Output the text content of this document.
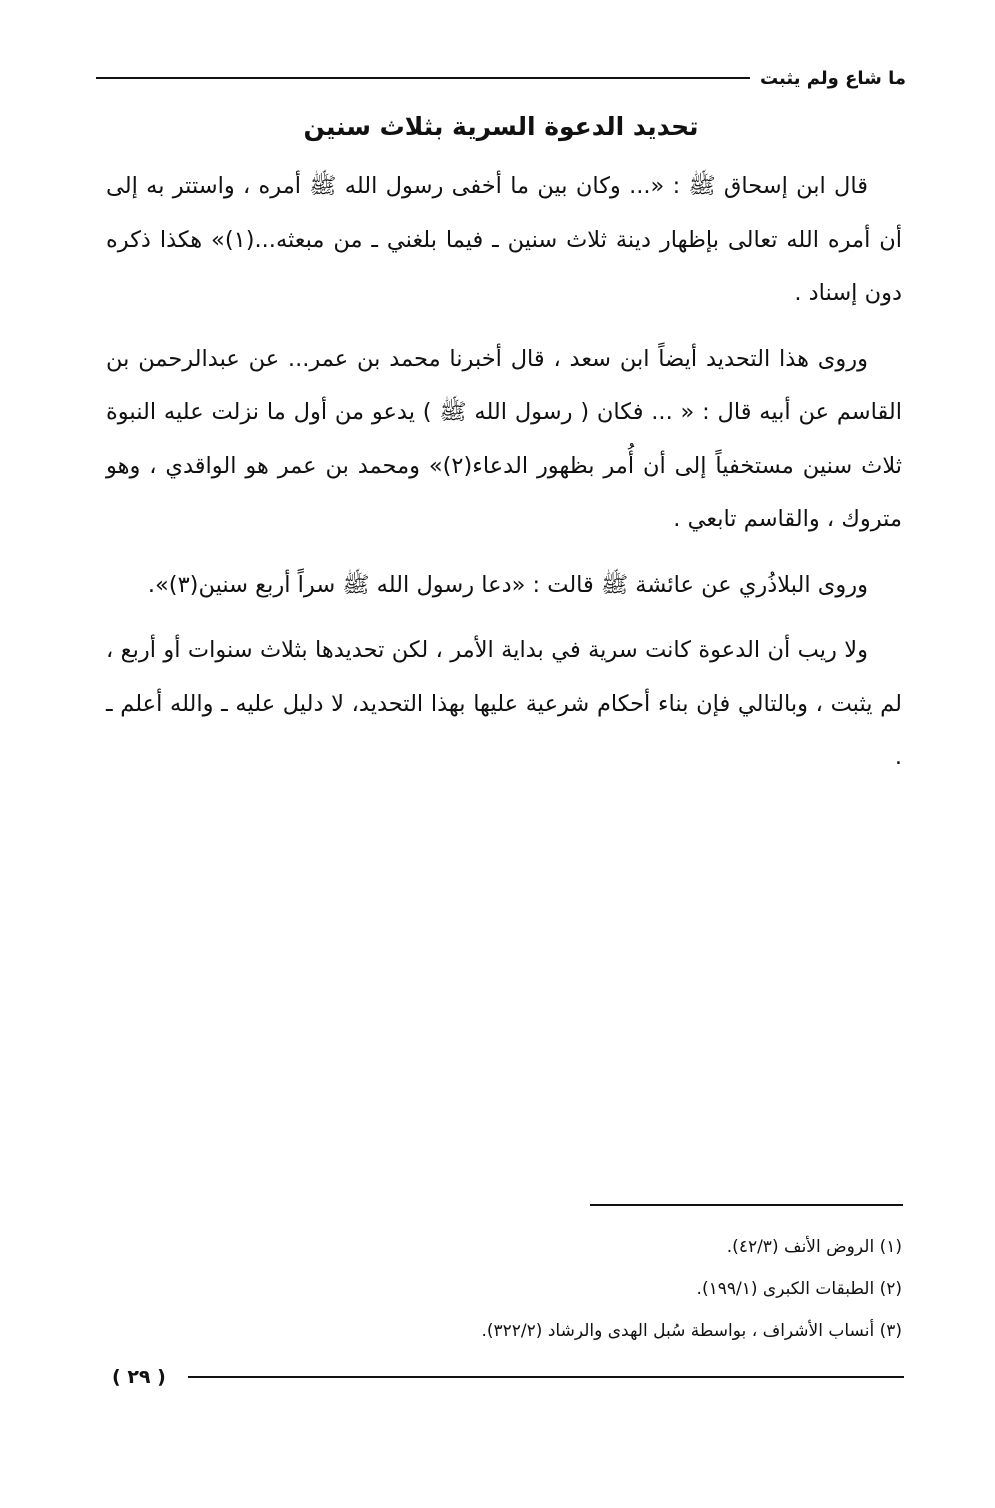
ما شاع ولم يثبت
تحديد الدعوة السرية بثلاث سنين

قال ابن إسحاق ﷺ : «... وكان بين ما أخفى رسول الله ﷺ أمره ، واستتر به إلى أن أمره الله تعالى بإظهار دينة ثلاث سنين ـ فيما بلغني ـ من مبعثه...(١)» هكذا ذكره دون إسناد .

وروى هذا التحديد أيضاً ابن سعد ، قال أخبرنا محمد بن عمر... عن عبدالرحمن بن القاسم عن أبيه قال : « ... فكان ( رسول الله ﷺ ) يدعو من أول ما نزلت عليه النبوة ثلاث سنين مستخفياً إلى أن أُمر بظهور الدعاء(٢)» ومحمد بن عمر هو الواقدي ، وهو متروك ، والقاسم تابعي .

وروى البلاذُري عن عائشة ﷺ قالت : «دعا رسول الله ﷺ سراً أربع سنين(٣)».

ولا ريب أن الدعوة كانت سرية في بداية الأمر ، لكن تحديدها بثلاث سنوات أو أربع ، لم يثبت ، وبالتالي فإن بناء أحكام شرعية عليها بهذا التحديد، لا دليل عليه ـ والله أعلم ـ .

(١) الروض الأنف (٤٢/٣).
(٢) الطبقات الكبرى (١٩٩/١).
(٣) أنساب الأشراف ، بواسطة سُبل الهدى والرشاد (٣٢٢/٢).
( ٢٩ )
